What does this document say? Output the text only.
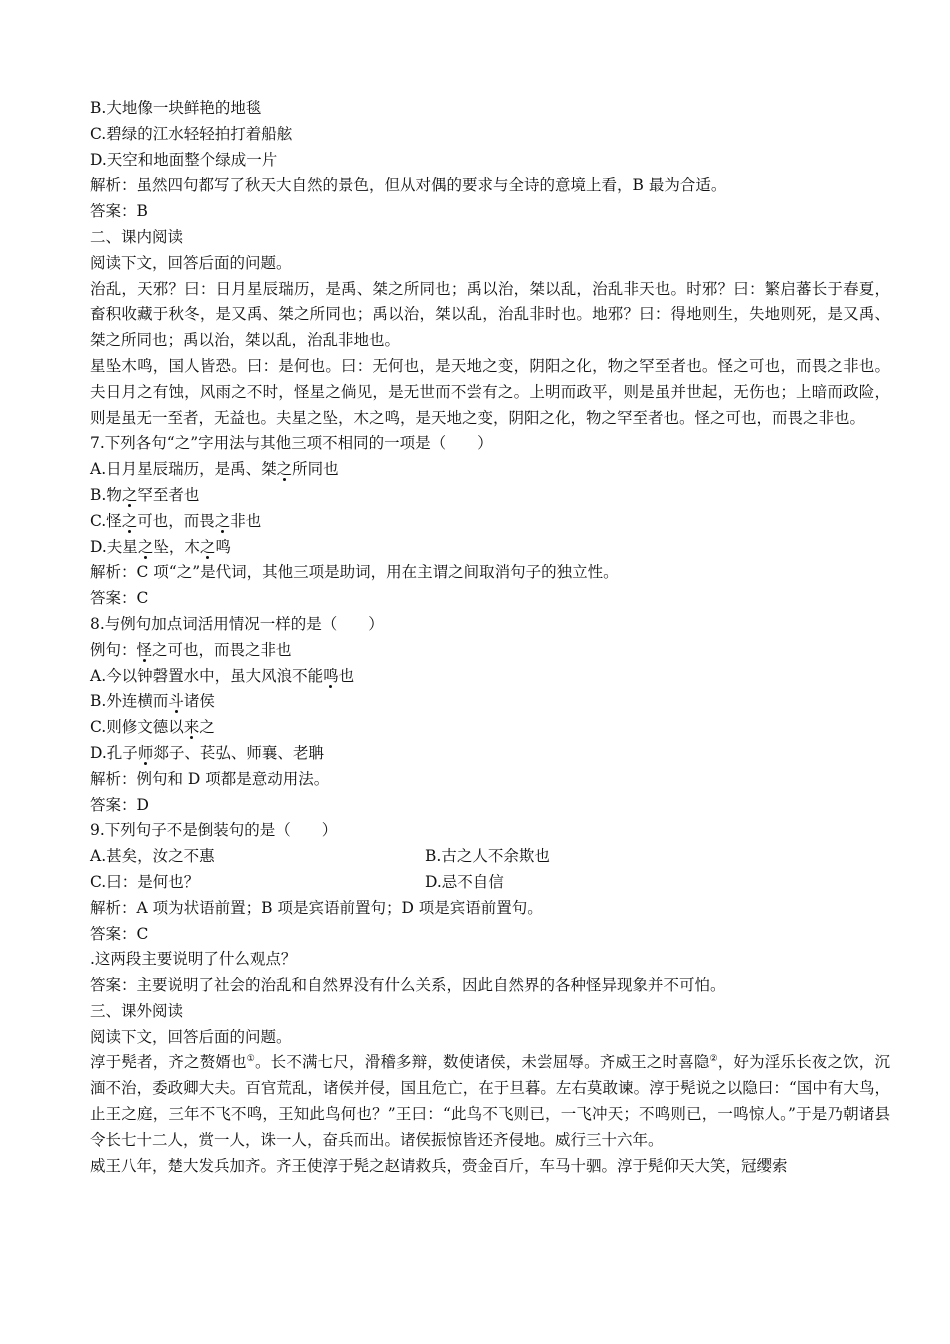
B.大地像一块鲜艳的地毯
C.碧绿的江水轻轻拍打着船舷
D.天空和地面整个绿成一片
解析：虽然四句都写了秋天大自然的景色，但从对偶的要求与全诗的意境上看，B 最为合适。
答案：B
二、课内阅读
阅读下文，回答后面的问题。
治乱，天邪？曰：日月星辰瑞历，是禹、桀之所同也；禹以治，桀以乱，治乱非天也。时邪？曰：繁启蕃长于春夏，畜积收藏于秋冬，是又禹、桀之所同也；禹以治，桀以乱，治乱非时也。地邪？曰：得地则生，失地则死，是又禹、桀之所同也；禹以治，桀以乱，治乱非地也。
星坠木鸣，国人皆恐。曰：是何也。曰：无何也，是天地之变，阴阳之化，物之罕至者也。怪之可也，而畏之非也。夫日月之有蚀，风雨之不时，怪星之倘见，是无世而不尝有之。上明而政平，则是虽并世起，无伤也；上暗而政险，则是虽无一至者，无益也。夫星之坠，木之鸣，是天地之变，阴阳之化，物之罕至者也。怪之可也，而畏之非也。
7.下列各句“之”字用法与其他三项不相同的一项是（　　）
A.日月星辰瑞历，是禹、桀之所同也
B.物之罕至者也
C.怪之可也，而畏之非也
D.夫星之坠，木之鸣
解析：C 项“之”是代词，其他三项是助词，用在主谓之间取消句子的独立性。
答案：C
8.与例句加点词活用情况一样的是（　　）
例句：怪之可也，而畏之非也
A.今以钟磬置水中，虽大风浪不能鸣也
B.外连横而斗诸侯
C.则修文德以来之
D.孔子师郯子、苌弘、师襄、老聃
解析：例句和 D 项都是意动用法。
答案：D
9.下列句子不是倒装句的是（　　）
A.甚矣，汝之不惠	B.古之人不余欺也
C.曰：是何也？	D.忌不自信
解析：A 项为状语前置；B 项是宾语前置句；D 项是宾语前置句。
答案：C
.这两段主要说明了什么观点？
答案：主要说明了社会的治乱和自然界没有什么关系，因此自然界的各种怪异现象并不可怕。
三、课外阅读
阅读下文，回答后面的问题。
淳于髡者，齐之赘婿也①。长不满七尺，滑稽多辩，数使诸侯，未尝屈辱。齐威王之时喜隐②，好为淫乐长夜之饮，沉湎不治，委政卿大夫。百官荒乱，诸侯并侵，国且危亡，在于旦暮。左右莫敢谏。淳于髡说之以隐曰：“国中有大鸟，止王之庭，三年不飞不鸣，王知此鸟何也？”王曰：“此鸟不飞则已，一飞冲天；不鸣则已，一鸣惊人。”于是乃朝诸县令长七十二人，赏一人，诛一人，奋兵而出。诸侯振惊皆还齐侵地。威行三十六年。
威王八年，楚大发兵加齐。齐王使淳于髡之赵请救兵，赍金百斤，车马十驷。淳于髡仰天大笑，冠缨索
